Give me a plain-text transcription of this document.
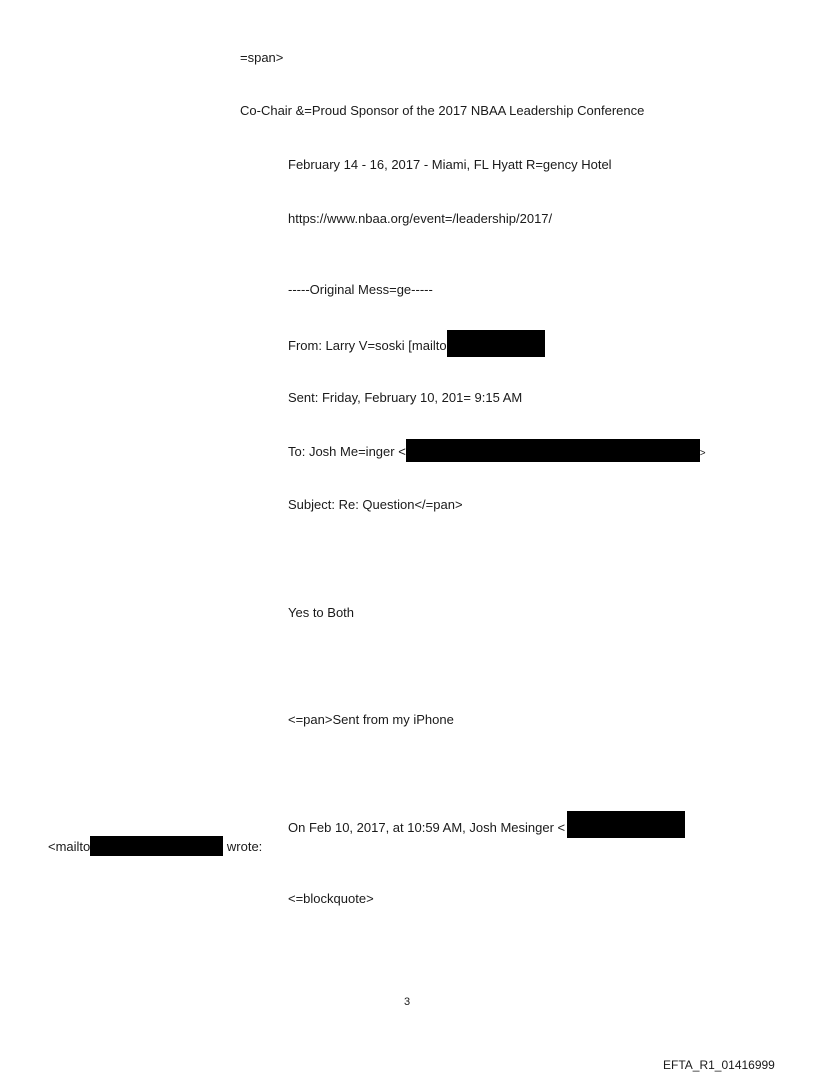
=span>
Co-Chair &=Proud Sponsor of the 2017 NBAA Leadership Conference
February 14 - 16, 2017 - Miami, FL Hyatt R=gency Hotel
https://www.nbaa.org/event=/leadership/2017/
-----Original Mess=ge-----
From: Larry V=soski [mailto
Sent: Friday, February 10, 201= 9:15 AM
To: Josh Me=inger <	>
Subject: Re: Question</=pan>
Yes to Both
<=pan>Sent from my iPhone
On Feb 10, 2017, at 10:59 AM, Josh Mesinger <
<mailto	wrote:
<=blockquote>
3
EFTA_R1_01416999
